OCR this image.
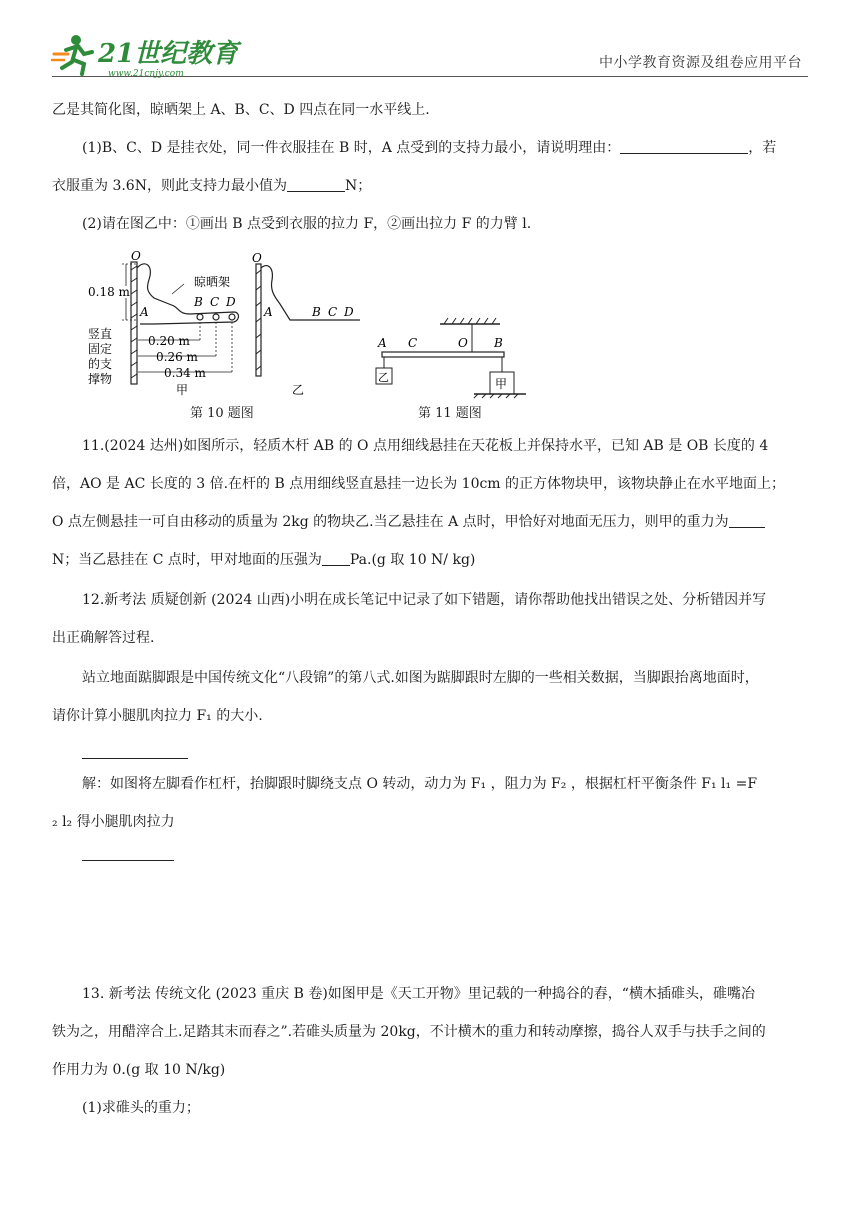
21世纪教育
www.21cnjy.com
中小学教育资源及组卷应用平台
乙是其简化图，晾晒架上 A、B、C、D 四点在同一水平线上.
(1)B、C、D 是挂衣处，同一件衣服挂在 B 时，A 点受到的支持力最小，请说明理由：	，若
衣服重为 3.6N，则此支持力最小值为	N；
(2)请在图乙中：①画出 B 点受到衣服的拉力 F，②画出拉力 F 的力臂 l.
O
A
B C D
晾晒架
0.18 m
0.20 m
0.26 m
0.34 m
竖直
固定
的支
撑物
甲
O
A	B C D
乙
第 10 题图
A C	O B
乙	甲
第 11 题图
11.(2024 达州)如图所示，轻质木杆 AB 的 O 点用细线悬挂在天花板上并保持水平，已知 AB 是 OB 长度的 4
倍，AO 是 AC 长度的 3 倍.在杆的 B 点用细线竖直悬挂一边长为 10cm 的正方体物块甲，该物块静止在水平地面上；
O 点左侧悬挂一可自由移动的质量为 2kg 的物块乙.当乙悬挂在 A 点时，甲恰好对地面无压力，则甲的重力为
N；当乙悬挂在 C 点时，甲对地面的压强为 Pa.(g 取 10 N/ kg)
12.新考法 质疑创新 (2024 山西)小明在成长笔记中记录了如下错题，请你帮助他找出错误之处、分析错因并写
出正确解答过程.
站立地面踮脚跟是中国传统文化“八段锦”的第八式.如图为踮脚跟时左脚的一些相关数据，当脚跟抬离地面时，
请你计算小腿肌肉拉力 F₁ 的大小.
解：如图将左脚看作杠杆，抬脚跟时脚绕支点 O 转动，动力为 F₁ ，阻力为 F₂ ，根据杠杆平衡条件 F₁ l₁ =F
₂ l₂ 得小腿肌肉拉力
13. 新考法 传统文化 (2023 重庆 B 卷)如图甲是《天工开物》里记载的一种捣谷的舂，“横木插碓头，碓嘴冶
铁为之，用醋滓合上.足踏其末而舂之”.若碓头质量为 20kg，不计横木的重力和转动摩擦，捣谷人双手与扶手之间的
作用力为 0.(g 取 10 N/kg)
(1)求碓头的重力；
